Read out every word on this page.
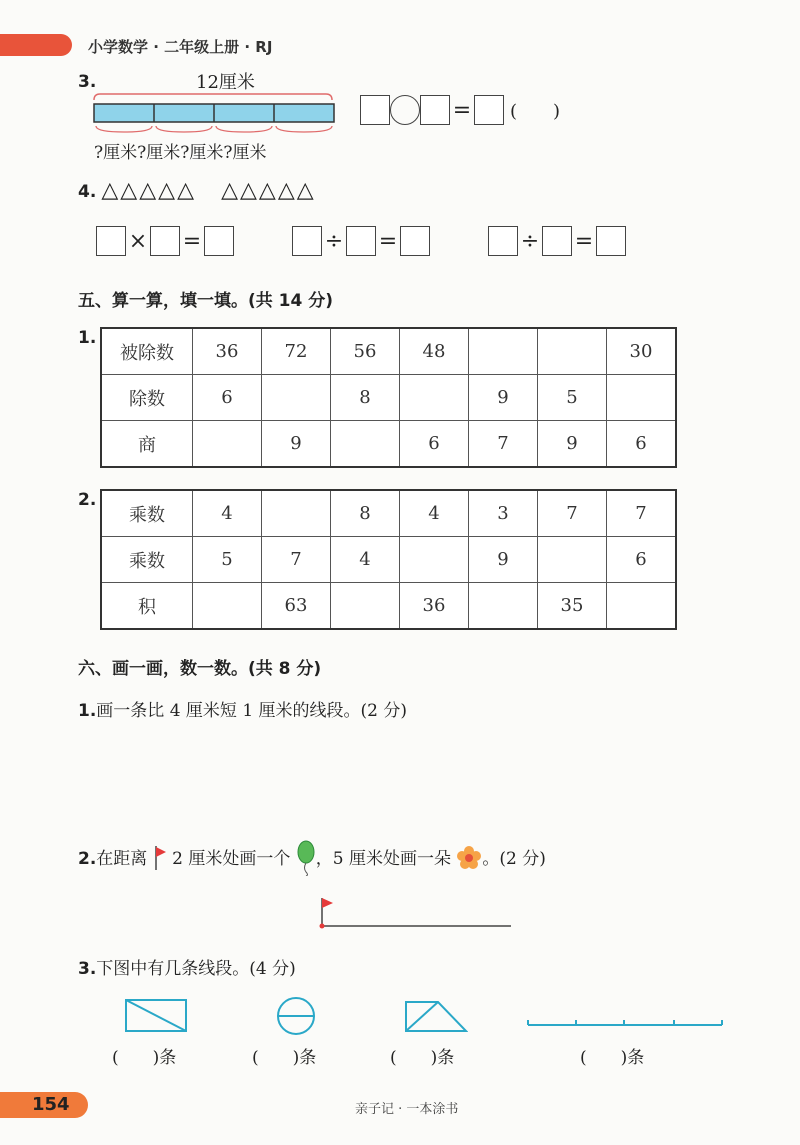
小学数学 · 二年级上册 · RJ
3.	12厘米
?厘米?厘米?厘米?厘米
= (　　)
4. △△△△△ △△△△△
× =	÷ =	÷ =
五、算一算，填一填。(共 14 分)
1.
被除数	36	72	56	48			30
除数	6		8		9	5	
商		9		6	7	9	6
2.
乘数	4		8	4	3	7	7
乘数	5	7	4		9		6
积		63		36		35	
六、画一画，数一数。(共 8 分)
1.画一条比 4 厘米短 1 厘米的线段。(2 分)
2.在距离 2 厘米处画一个 ，5 厘米处画一朵 。(2 分)
3.下图中有几条线段。(4 分)
(　　)条	(　　)条	(　　)条	(　　)条
154	亲子记 · 一本涂书
